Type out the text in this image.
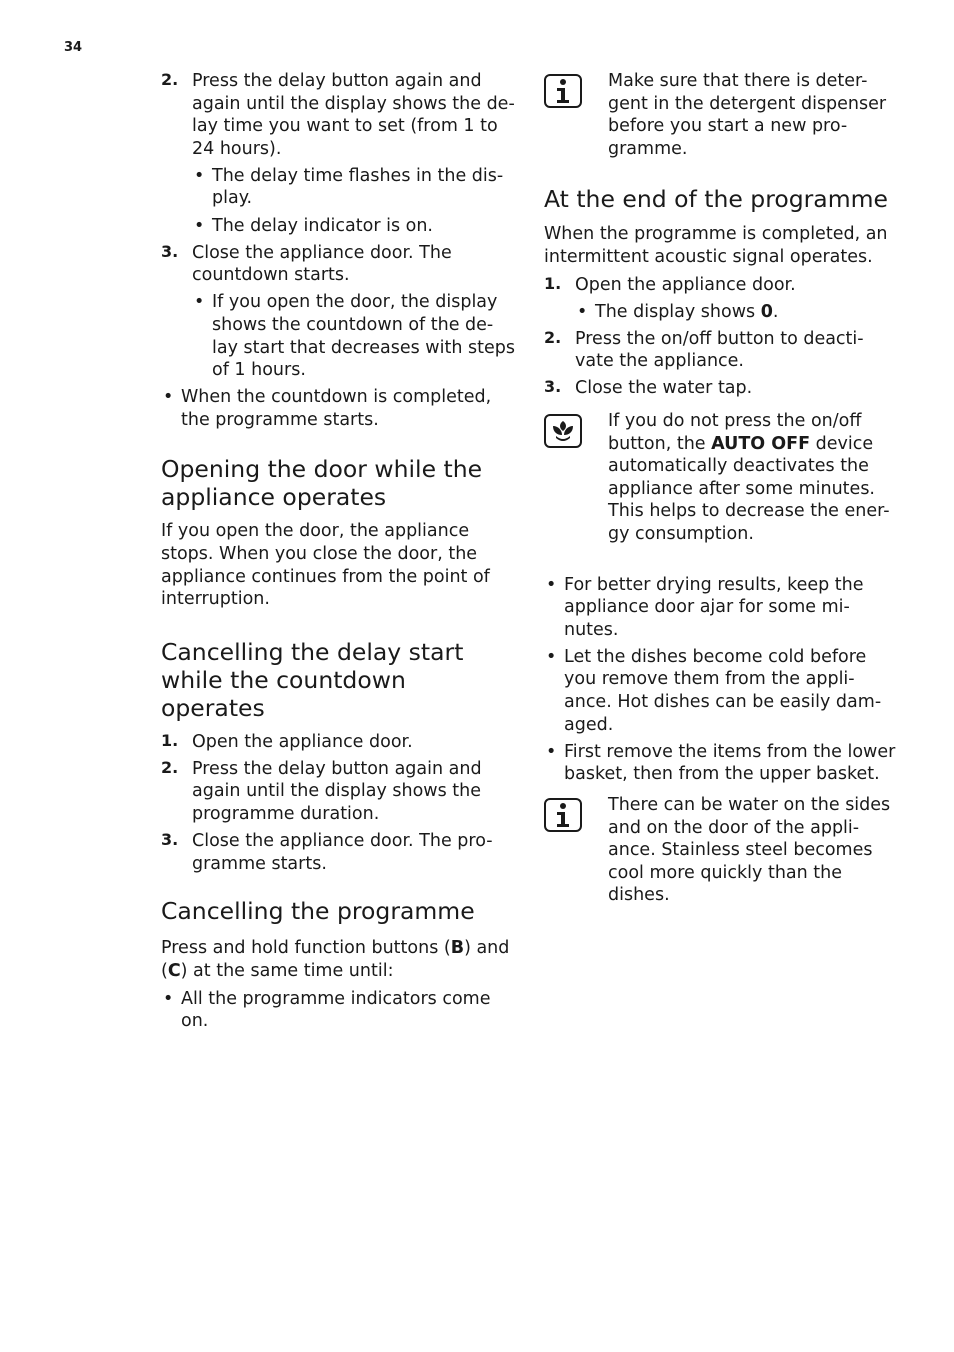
34
2. Press the delay button again and again until the display shows the de-lay time you want to set (from 1 to 24 hours).

• The delay time flashes in the dis-play.
• The delay indicator is on.
3. Close the appliance door. The countdown starts.

• If you open the door, the display shows the countdown of the de-lay start that decreases with steps of 1 hours.
• When the countdown is completed, the programme starts.
Opening the door while the appliance operates

If you open the door, the appliance stops. When you close the door, the appliance continues from the point of interruption.

Cancelling the delay start while the countdown operates
1. Open the appliance door.

2. Press the delay button again and again until the display shows the programme duration.

3. Close the appliance door. The pro-gramme starts.

Cancelling the programme

Press and hold function buttons (B) and (C) at the same time until:

• All the programme indicators come on.

Make sure that there is deter-gent in the detergent dispenser before you start a new pro-gramme.

At the end of the programme

When the programme is completed, an intermittent acoustic signal operates.

1. Open the appliance door.

• The display shows 0.
2. Press the on/off button to deacti-vate the appliance.

3. Close the water tap.

If you do not press the on/off button, the AUTO OFF device automatically deactivates the appliance after some minutes. This helps to decrease the ener-gy consumption.

• For better drying results, keep the appliance door ajar for some mi-nutes.
• Let the dishes become cold before you remove them from the appli-ance. Hot dishes can be easily dam-aged.
• First remove the items from the lower basket, then from the upper basket.

There can be water on the sides and on the door of the appli-ance. Stainless steel becomes cool more quickly than the dishes.
